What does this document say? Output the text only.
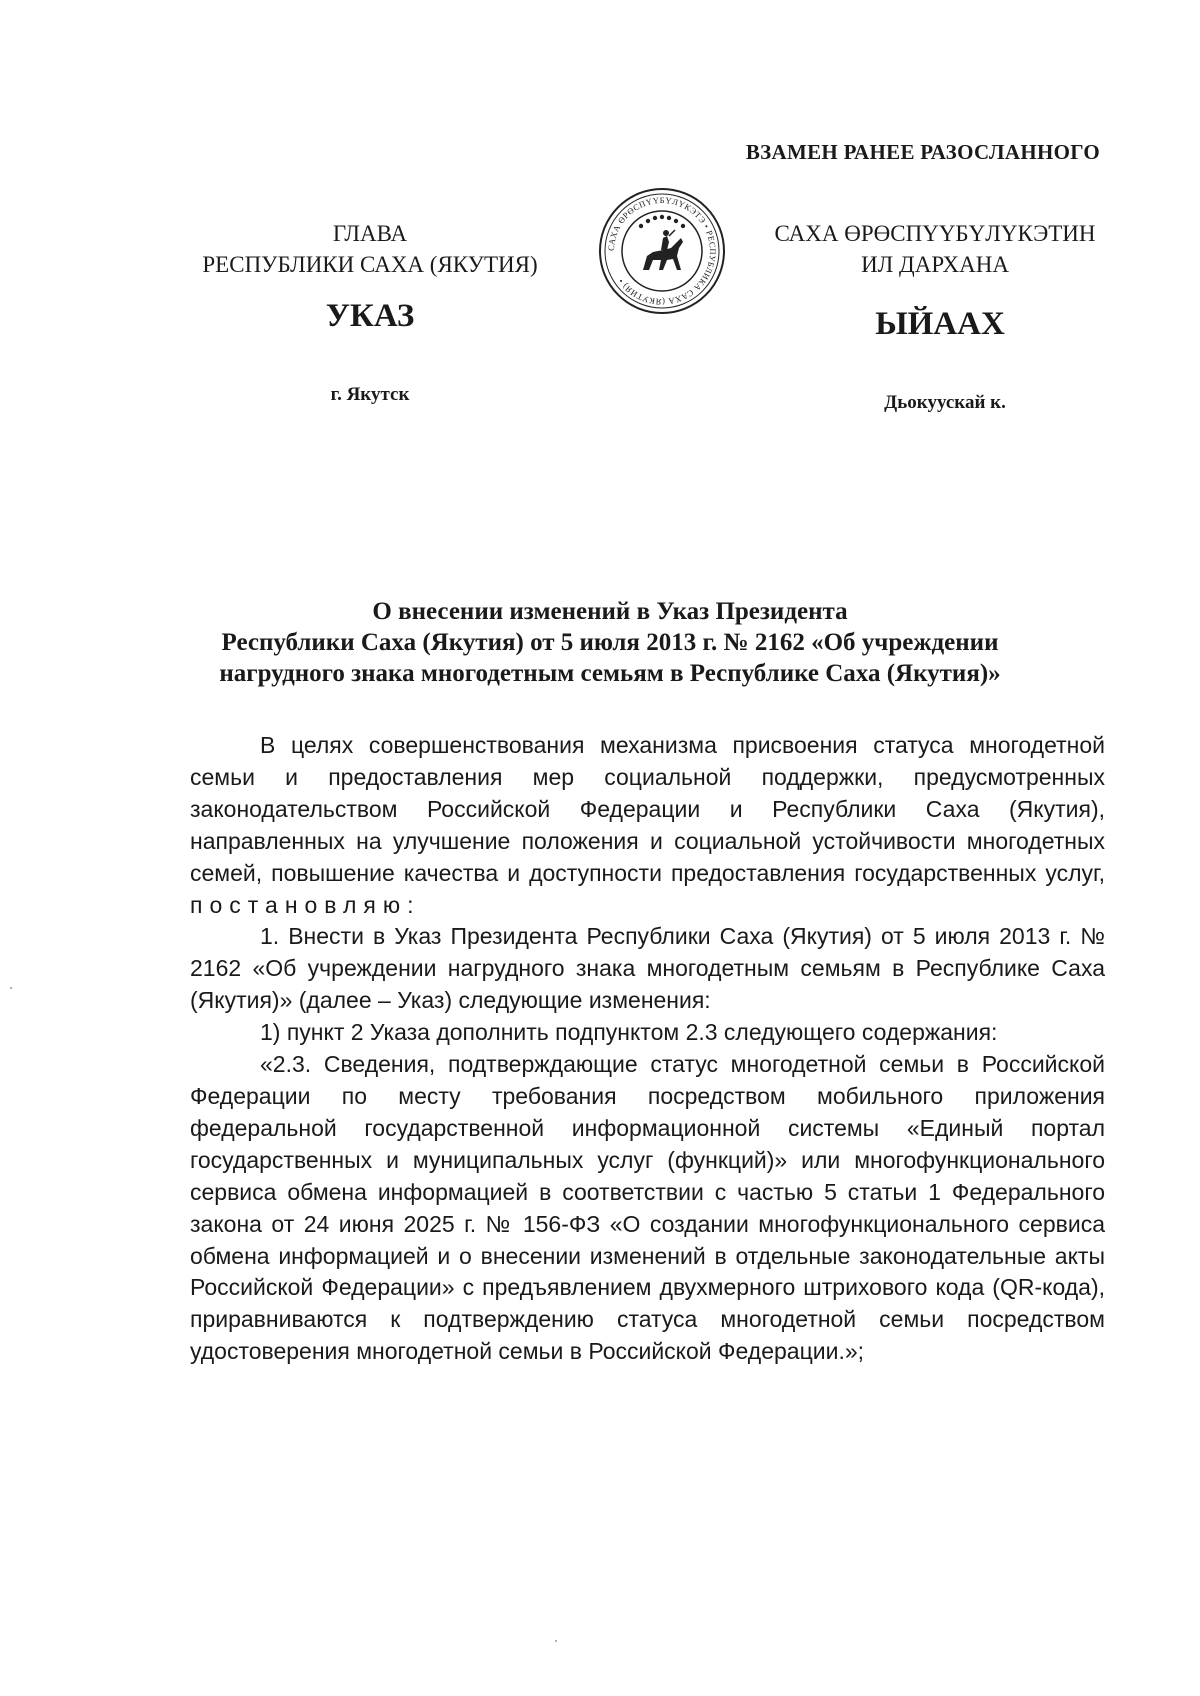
ВЗАМЕН РАНЕЕ РАЗОСЛАННОГО
ГЛАВА
РЕСПУБЛИКИ САХА (ЯКУТИЯ)
САХА ӨРӨСПҮҮБҮЛҮКЭТИН
ИЛ ДАРХАНА
САХА ӨРӨСПҮҮБҮЛҮКЭТЭ • РЕСПУБЛИКА САХА (ЯКУТИЯ) •
УКАЗ	ЫЙААХ
г. Якутск	Дьокуускай к.
О внесении изменений в Указ Президента
Республики Саха (Якутия) от 5 июля 2013 г. № 2162 «Об учреждении
нагрудного знака многодетным семьям в Республике Саха (Якутия)»

В целях совершенствования механизма присвоения статуса многодетной семьи и предоставления мер социальной поддержки, предусмотренных законодательством Российской Федерации и Республики Саха (Якутия), направленных на улучшение положения и социальной устойчивости многодетных семей, повышение качества и доступности предоставления государственных услуг, постановляю:

1. Внести в Указ Президента Республики Саха (Якутия) от 5 июля 2013 г. № 2162 «Об учреждении нагрудного знака многодетным семьям в Республике Саха (Якутия)» (далее – Указ) следующие изменения:

1) пункт 2 Указа дополнить подпунктом 2.3 следующего содержания:

«2.3. Сведения, подтверждающие статус многодетной семьи в Российской Федерации по месту требования посредством мобильного приложения федеральной государственной информационной системы «Единый портал государственных и муниципальных услуг (функций)» или многофункционального сервиса обмена информацией в соответствии с частью 5 статьи 1 Федерального закона от 24 июня 2025 г. № 156-ФЗ «О создании многофункционального сервиса обмена информацией и о внесении изменений в отдельные законодательные акты Российской Федерации» с предъявлением двухмерного штрихового кода (QR-кода), приравниваются к подтверждению статуса многодетной семьи посредством удостоверения многодетной семьи в Российской Федерации.»;
